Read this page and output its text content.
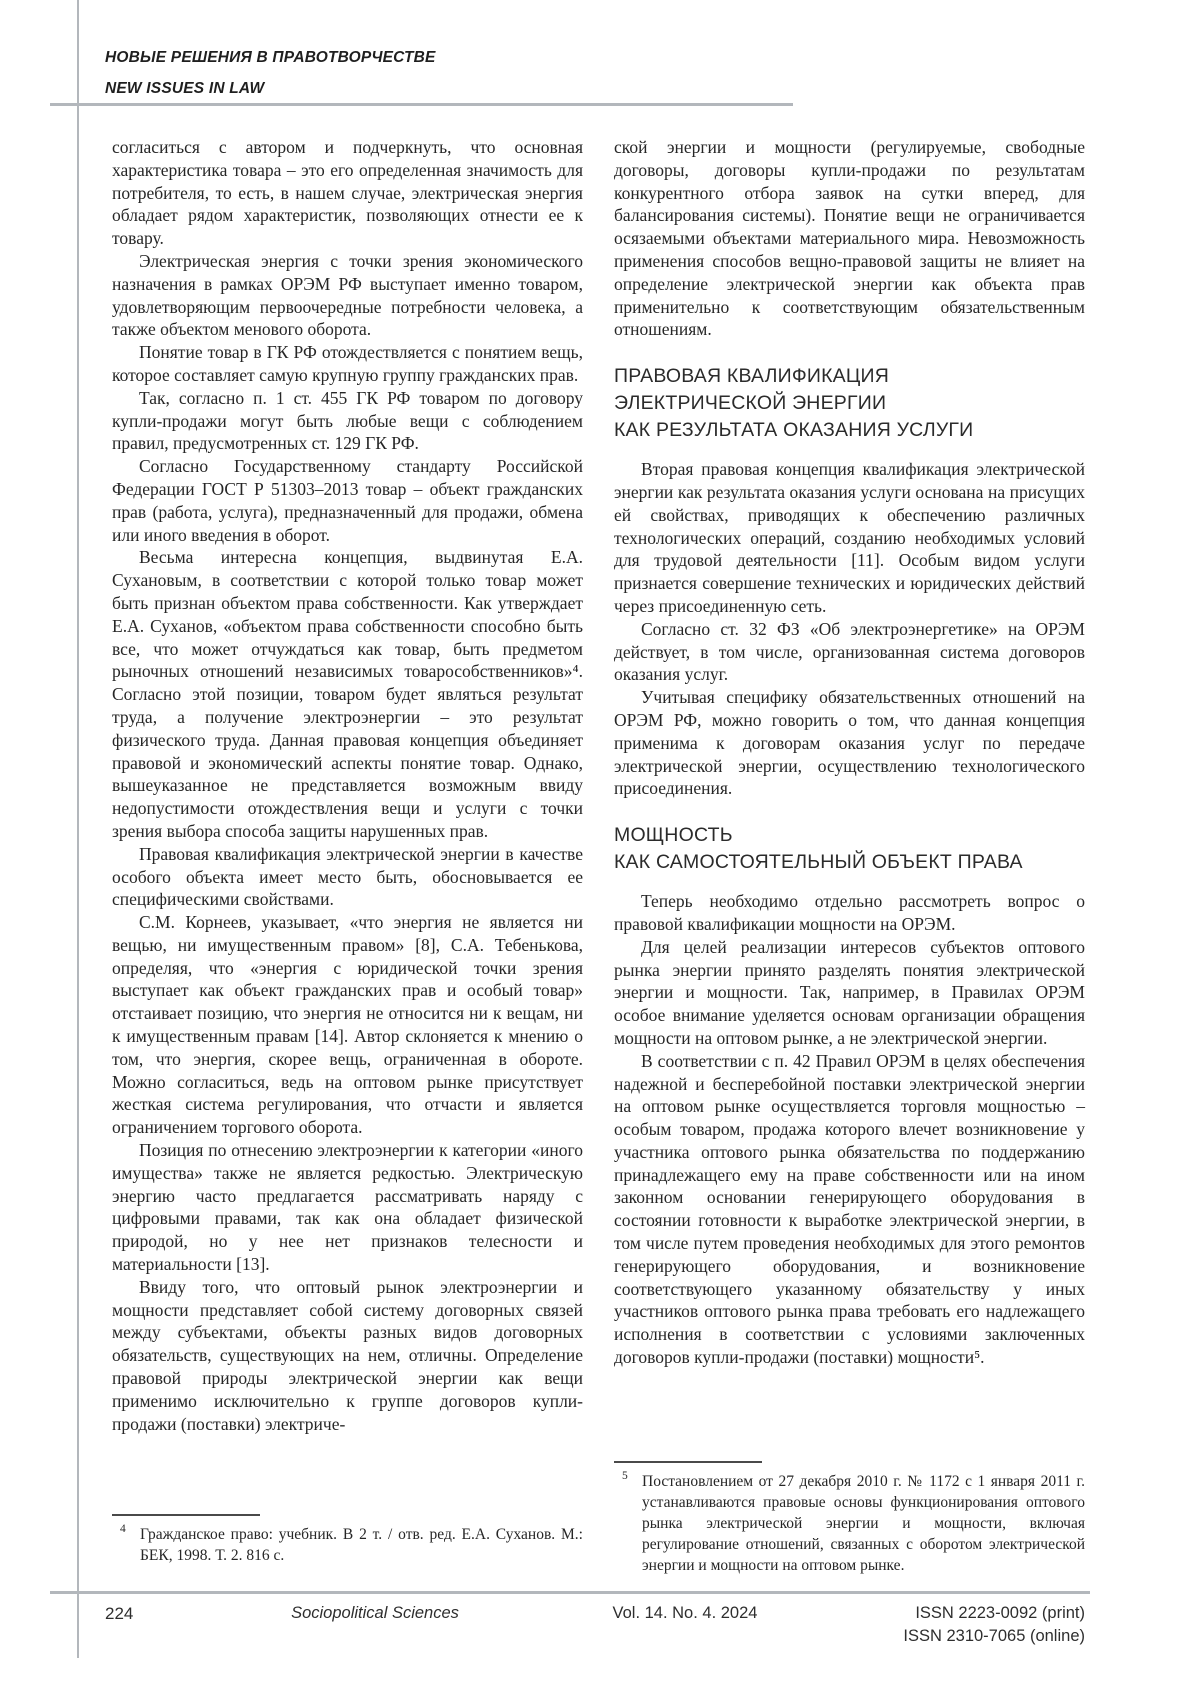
НОВЫЕ РЕШЕНИЯ В ПРАВОТВОРЧЕСТВЕ
NEW ISSUES IN LAW

согласиться с автором и подчеркнуть, что основная характеристика товара – это его определенная значимость для потребителя, то есть, в нашем случае, электрическая энергия обладает рядом характеристик, позволяющих отнести ее к товару.

Электрическая энергия с точки зрения экономического назначения в рамках ОРЭМ РФ выступает именно товаром, удовлетворяющим первоочередные потребности человека, а также объектом менового оборота.

Понятие товар в ГК РФ отождествляется с понятием вещь, которое составляет самую крупную группу гражданских прав.

Так, согласно п. 1 ст. 455 ГК РФ товаром по договору купли-продажи могут быть любые вещи с соблюдением правил, предусмотренных ст. 129 ГК РФ.

Согласно Государственному стандарту Российской Федерации ГОСТ Р 51303–2013 товар – объект гражданских прав (работа, услуга), предназначенный для продажи, обмена или иного введения в оборот.

Весьма интересна концепция, выдвинутая Е.А. Сухановым, в соответствии с которой только товар может быть признан объектом права собственности. Как утверждает Е.А. Суханов, «объектом права собственности способно быть все, что может отчуждаться как товар, быть предметом рыночных отношений независимых товарособственников»⁴. Согласно этой позиции, товаром будет являться результат труда, а получение электроэнергии – это результат физического труда. Данная правовая концепция объединяет правовой и экономический аспекты понятие товар. Однако, вышеуказанное не представляется возможным ввиду недопустимости отождествления вещи и услуги с точки зрения выбора способа защиты нарушенных прав.

Правовая квалификация электрической энергии в качестве особого объекта имеет место быть, обосновывается ее специфическими свойствами.

С.М. Корнеев, указывает, «что энергия не является ни вещью, ни имущественным правом» [8], С.А. Тебенькова, определяя, что «энергия с юридической точки зрения выступает как объект гражданских прав и особый товар» отстаивает позицию, что энергия не относится ни к вещам, ни к имущественным правам [14]. Автор склоняется к мнению о том, что энергия, скорее вещь, ограниченная в обороте. Можно согласиться, ведь на оптовом рынке присутствует жесткая система регулирования, что отчасти и является ограничением торгового оборота.

Позиция по отнесению электроэнергии к категории «иного имущества» также не является редкостью. Электрическую энергию часто предлагается рассматривать наряду с цифровыми правами, так как она обладает физической природой, но у нее нет признаков телесности и материальности [13].

Ввиду того, что оптовый рынок электроэнергии и мощности представляет собой систему договорных связей между субъектами, объекты разных видов договорных обязательств, существующих на нем, отличны. Определение правовой природы электрической энергии как вещи применимо исключительно к группе договоров купли-продажи (поставки) электриче-

ской энергии и мощности (регулируемые, свободные договоры, договоры купли-продажи по результатам конкурентного отбора заявок на сутки вперед, для балансирования системы). Понятие вещи не ограничивается осязаемыми объектами материального мира. Невозможность применения способов вещно-правовой защиты не влияет на определение электрической энергии как объекта прав применительно к соответствующим обязательственным отношениям.

ПРАВОВАЯ КВАЛИФИКАЦИЯ
ЭЛЕКТРИЧЕСКОЙ ЭНЕРГИИ
КАК РЕЗУЛЬТАТА ОКАЗАНИЯ УСЛУГИ

Вторая правовая концепция квалификация электрической энергии как результата оказания услуги основана на присущих ей свойствах, приводящих к обеспечению различных технологических операций, созданию необходимых условий для трудовой деятельности [11]. Особым видом услуги признается совершение технических и юридических действий через присоединенную сеть.

Согласно ст. 32 ФЗ «Об электроэнергетике» на ОРЭМ действует, в том числе, организованная система договоров оказания услуг.

Учитывая специфику обязательственных отношений на ОРЭМ РФ, можно говорить о том, что данная концепция применима к договорам оказания услуг по передаче электрической энергии, осуществлению технологического присоединения.

МОЩНОСТЬ
КАК САМОСТОЯТЕЛЬНЫЙ ОБЪЕКТ ПРАВА

Теперь необходимо отдельно рассмотреть вопрос о правовой квалификации мощности на ОРЭМ.

Для целей реализации интересов субъектов оптового рынка энергии принято разделять понятия электрической энергии и мощности. Так, например, в Правилах ОРЭМ особое внимание уделяется основам организации обращения мощности на оптовом рынке, а не электрической энергии.

В соответствии с п. 42 Правил ОРЭМ в целях обеспечения надежной и бесперебойной поставки электрической энергии на оптовом рынке осуществляется торговля мощностью – особым товаром, продажа которого влечет возникновение у участника оптового рынка обязательства по поддержанию принадлежащего ему на праве собственности или на ином законном основании генерирующего оборудования в состоянии готовности к выработке электрической энергии, в том числе путем проведения необходимых для этого ремонтов генерирующего оборудования, и возникновение соответствующего указанному обязательству у иных участников оптового рынка права требовать его надлежащего исполнения в соответствии с условиями заключенных договоров купли-продажи (поставки) мощности⁵.

4 Гражданское право: учебник. В 2 т. / отв. ред. Е.А. Суханов. М.: БЕК, 1998. Т. 2. 816 с.
5 Постановлением от 27 декабря 2010 г. № 1172 с 1 января 2011 г. устанавливаются правовые основы функционирования оптового рынка электрической энергии и мощности, включая регулирование отношений, связанных с оборотом электрической энергии и мощности на оптовом рынке.
224	Sociopolitical Sciences	Vol. 14. No. 4. 2024	ISSN 2223-0092 (print)
ISSN 2310-7065 (online)
